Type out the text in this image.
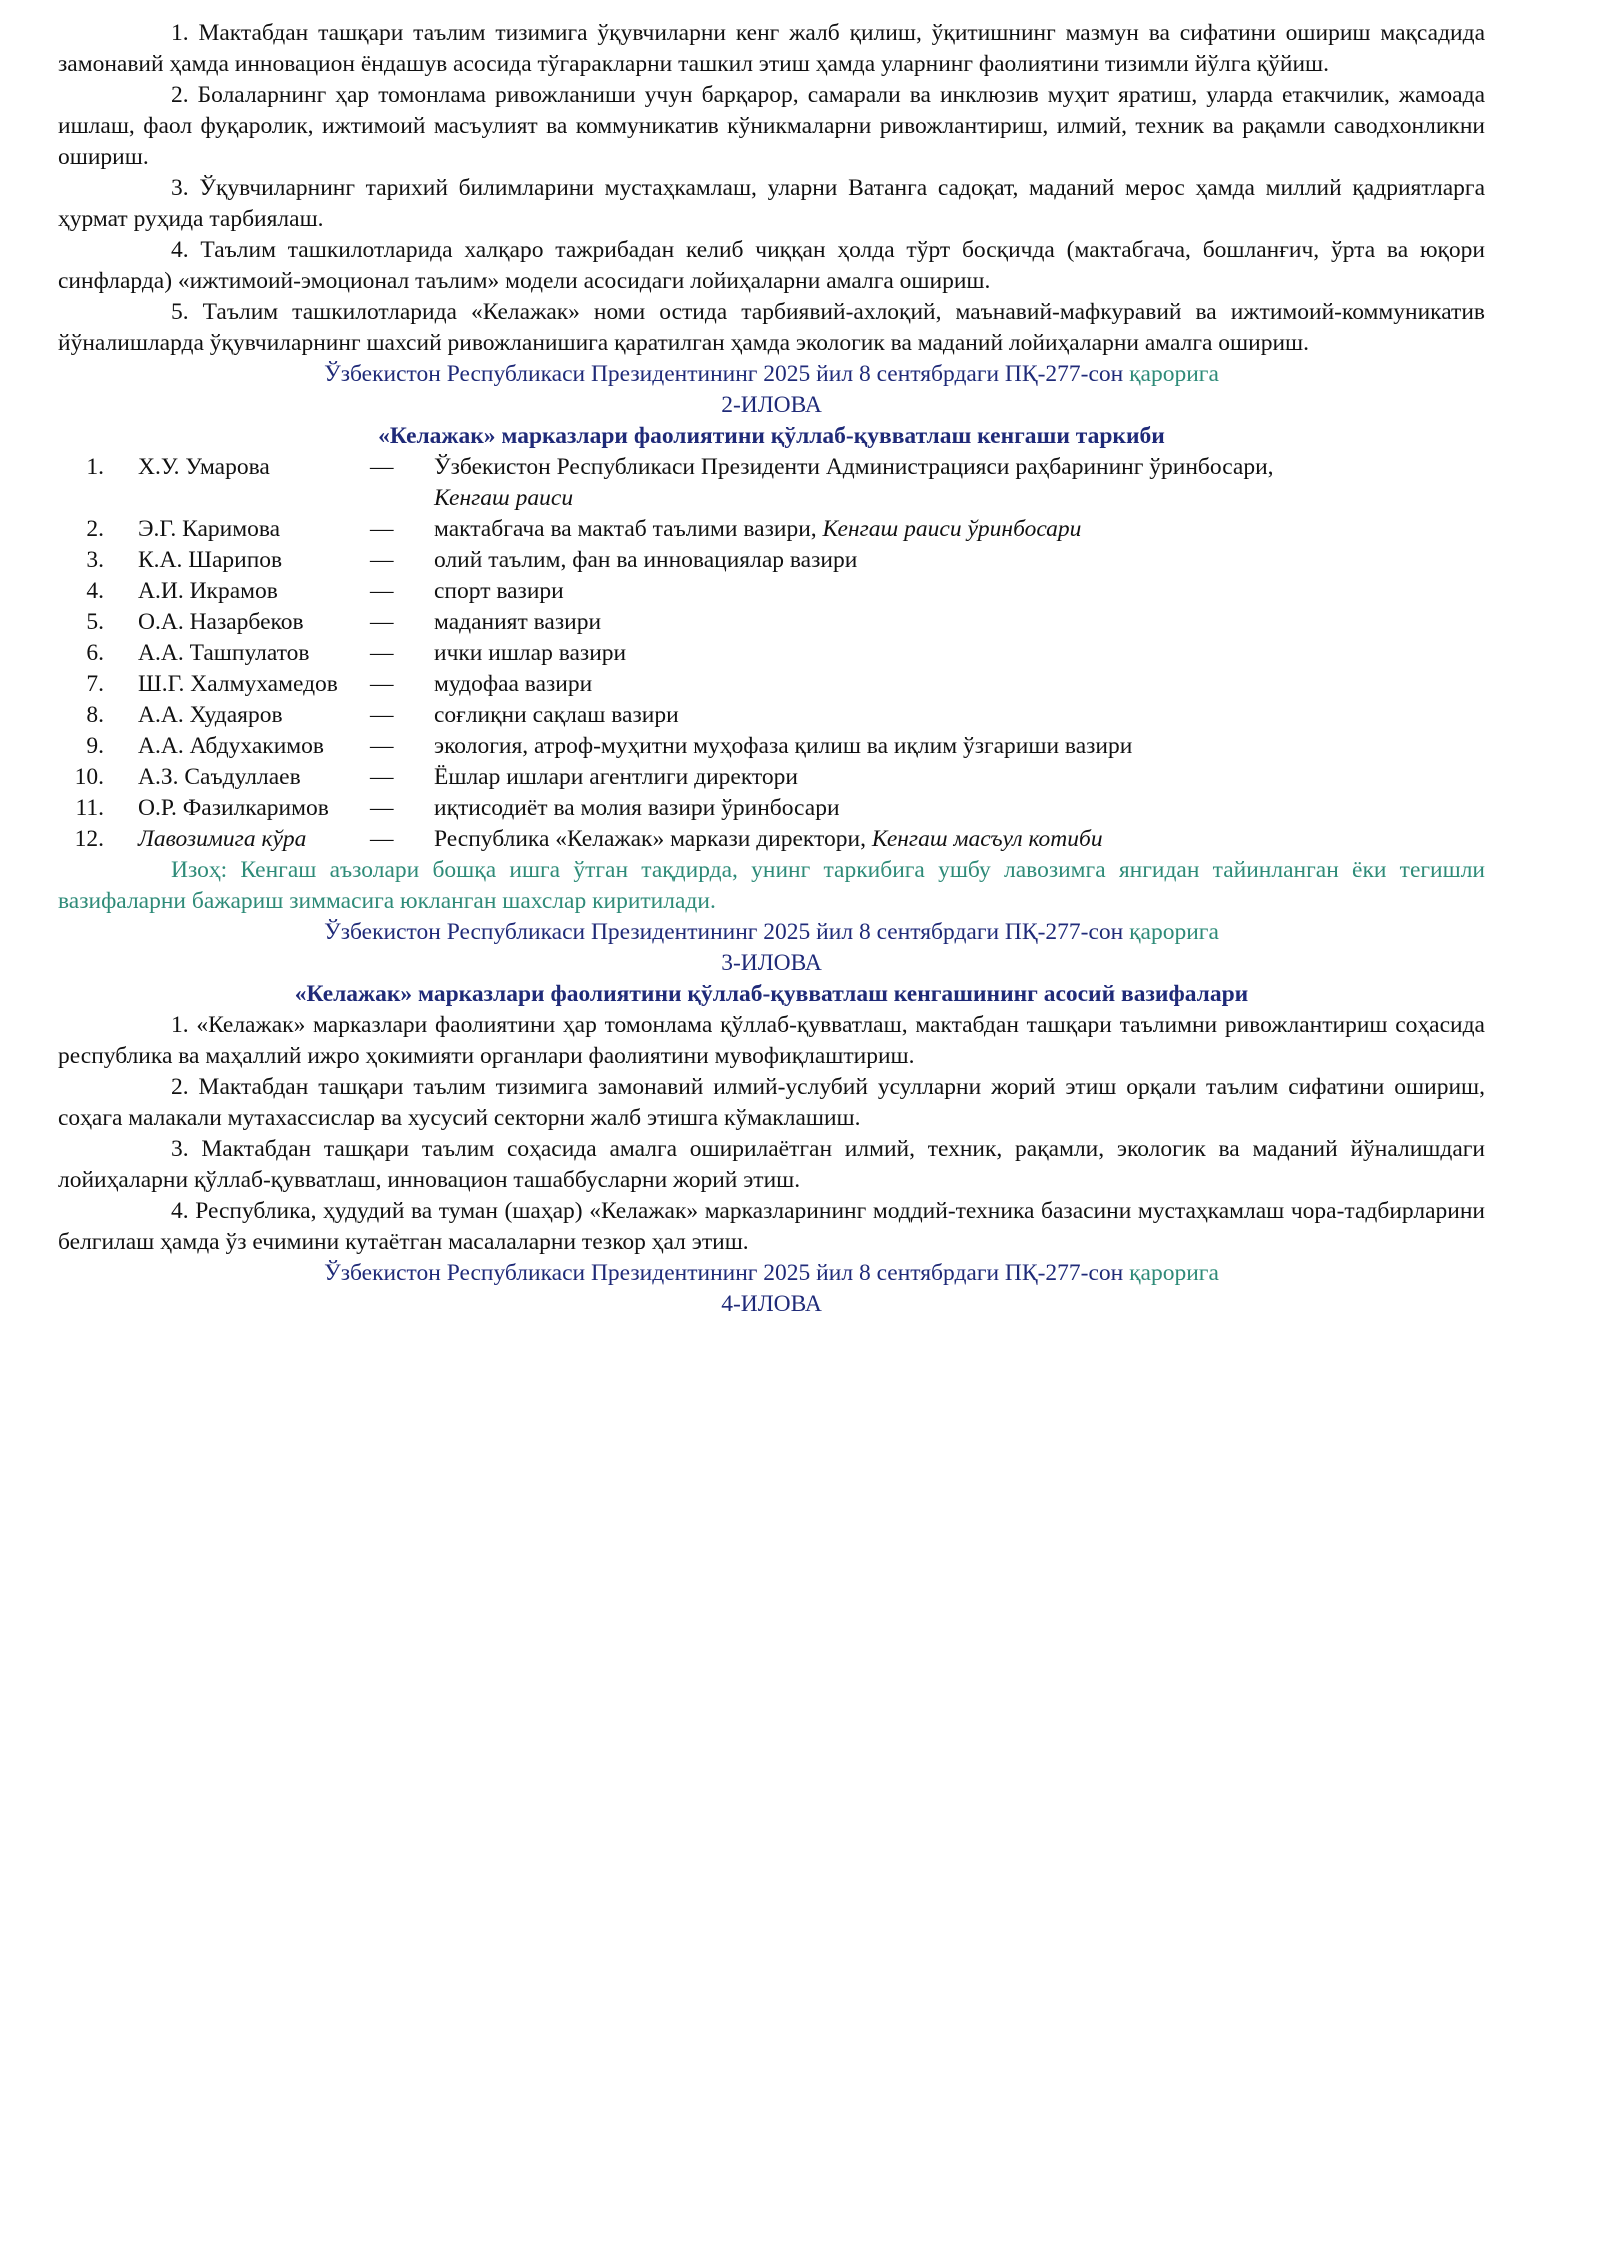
1. Мактабдан ташқари таълим тизимига ўқувчиларни кенг жалб қилиш, ўқитишнинг мазмун ва сифатини ошириш мақсадида замонавий ҳамда инновацион ёндашув асосида тўгаракларни ташкил этиш ҳамда уларнинг фаолиятини тизимли йўлга қўйиш.

2. Болаларнинг ҳар томонлама ривожланиши учун барқарор, самарали ва инклюзив муҳит яратиш, уларда етакчилик, жамоада ишлаш, фаол фуқаролик, ижтимоий масъулият ва коммуникатив кўникмаларни ривожлантириш, илмий, техник ва рақамли саводхонликни ошириш.

3. Ўқувчиларнинг тарихий билимларини мустаҳкамлаш, уларни Ватанга садоқат, маданий мерос ҳамда миллий қадриятларга ҳурмат руҳида тарбиялаш.

4. Таълим ташкилотларида халқаро тажрибадан келиб чиққан ҳолда тўрт босқичда (мактабгача, бошланғич, ўрта ва юқори синфларда) «ижтимоий-эмоционал таълим» модели асосидаги лойиҳаларни амалга ошириш.

5. Таълим ташкилотларида «Келажак» номи остида тарбиявий-ахлоқий, маънавий-мафкуравий ва ижтимоий-коммуникатив йўналишларда ўқувчиларнинг шахсий ривожланишига қаратилган ҳамда экологик ва маданий лойиҳаларни амалга ошириш.

Ўзбекистон Республикаси Президентининг 2025 йил 8 сентябрдаги ПҚ-277-сон қарорига

2-ИЛОВА

«Келажак» марказлари фаолиятини қўллаб-қувватлаш кенгаши таркиби

1.	Х.У. Умарова	—	Ўзбекистон Республикаси Президенти Администрацияси раҳбарининг ўринбосари,
Кенгаш раиси
2.	Э.Г. Каримова	—	мактабгача ва мактаб таълими вазири, Кенгаш раиси ўринбосари
3.	К.А. Шарипов	—	олий таълим, фан ва инновациялар вазири
4.	А.И. Икрамов	—	спорт вазири
5.	О.А. Назарбеков	—	маданият вазири
6.	А.А. Ташпулатов	—	ички ишлар вазири
7.	Ш.Г. Халмухамедов	—	мудофаа вазири
8.	А.А. Худаяров	—	соғлиқни сақлаш вазири
9.	А.А. Абдухакимов	—	экология, атроф-муҳитни муҳофаза қилиш ва иқлим ўзгариши вазири
10.	А.З. Саъдуллаев	—	Ёшлар ишлари агентлиги директори
11.	О.Р. Фазилкаримов	—	иқтисодиёт ва молия вазири ўринбосари
12.	Лавозимига кўра	—	Республика «Келажак» маркази директори, Кенгаш масъул котиби

Изоҳ: Кенгаш аъзолари бошқа ишга ўтган тақдирда, унинг таркибига ушбу лавозимга янгидан тайинланган ёки тегишли вазифаларни бажариш зиммасига юкланган шахслар киритилади.

Ўзбекистон Республикаси Президентининг 2025 йил 8 сентябрдаги ПҚ-277-сон қарорига

3-ИЛОВА

«Келажак» марказлари фаолиятини қўллаб-қувватлаш кенгашининг асосий вазифалари

1. «Келажак» марказлари фаолиятини ҳар томонлама қўллаб-қувватлаш, мактабдан ташқари таълимни ривожлантириш соҳасида республика ва маҳаллий ижро ҳокимияти органлари фаолиятини мувофиқлаштириш.

2. Мактабдан ташқари таълим тизимига замонавий илмий-услубий усулларни жорий этиш орқали таълим сифатини ошириш, соҳага малакали мутахассислар ва хусусий секторни жалб этишга кўмаклашиш.

3. Мактабдан ташқари таълим соҳасида амалга оширилаётган илмий, техник, рақамли, экологик ва маданий йўналишдаги лойиҳаларни қўллаб-қувватлаш, инновацион ташаббусларни жорий этиш.

4. Республика, ҳудудий ва туман (шаҳар) «Келажак» марказларининг моддий-техника базасини мустаҳкамлаш чора-тадбирларини белгилаш ҳамда ўз ечимини кутаётган масалаларни тезкор ҳал этиш.

Ўзбекистон Республикаси Президентининг 2025 йил 8 сентябрдаги ПҚ-277-сон қарорига

4-ИЛОВА
